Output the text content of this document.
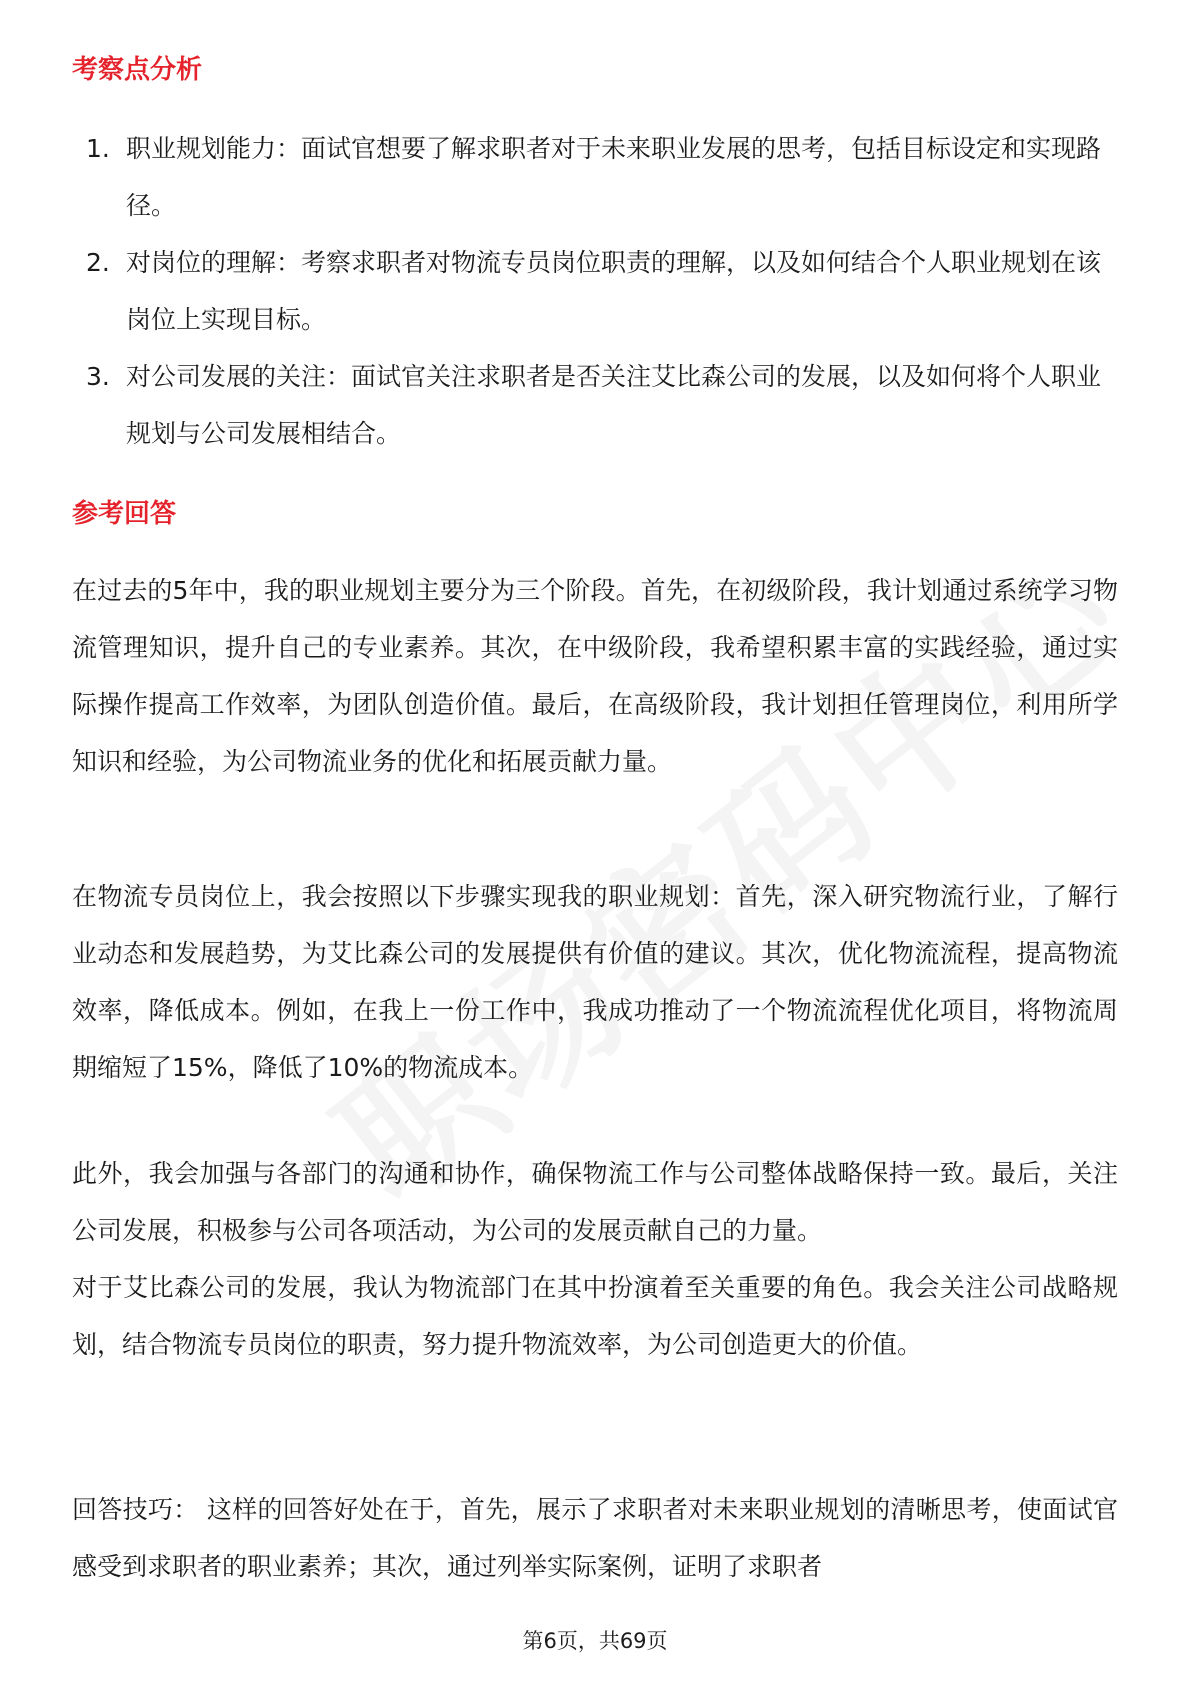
考察点分析
1. 职业规划能力：面试官想要了解求职者对于未来职业发展的思考，包括目标设定和实现路径。
2. 对岗位的理解：考察求职者对物流专员岗位职责的理解，以及如何结合个人职业规划在该岗位上实现目标。
3. 对公司发展的关注：面试官关注求职者是否关注艾比森公司的发展，以及如何将个人职业规划与公司发展相结合。
参考回答

在过去的5年中，我的职业规划主要分为三个阶段。首先，在初级阶段，我计划通过系统学习物流管理知识，提升自己的专业素养。其次，在中级阶段，我希望积累丰富的实践经验，通过实际操作提高工作效率，为团队创造价值。最后，在高级阶段，我计划担任管理岗位，利用所学知识和经验，为公司物流业务的优化和拓展贡献力量。

在物流专员岗位上，我会按照以下步骤实现我的职业规划：首先，深入研究物流行业，了解行业动态和发展趋势，为艾比森公司的发展提供有价值的建议。其次，优化物流流程，提高物流效率，降低成本。例如，在我上一份工作中，我成功推动了一个物流流程优化项目，将物流周期缩短了15%，降低了10%的物流成本。

此外，我会加强与各部门的沟通和协作，确保物流工作与公司整体战略保持一致。最后，关注公司发展，积极参与公司各项活动，为公司的发展贡献自己的力量。

对于艾比森公司的发展，我认为物流部门在其中扮演着至关重要的角色。我会关注公司战略规划，结合物流专员岗位的职责，努力提升物流效率，为公司创造更大的价值。

回答技巧： 这样的回答好处在于，首先，展示了求职者对未来职业规划的清晰思考，使面试官感受到求职者的职业素养；其次，通过列举实际案例，证明了求职者

第6页，共69页
